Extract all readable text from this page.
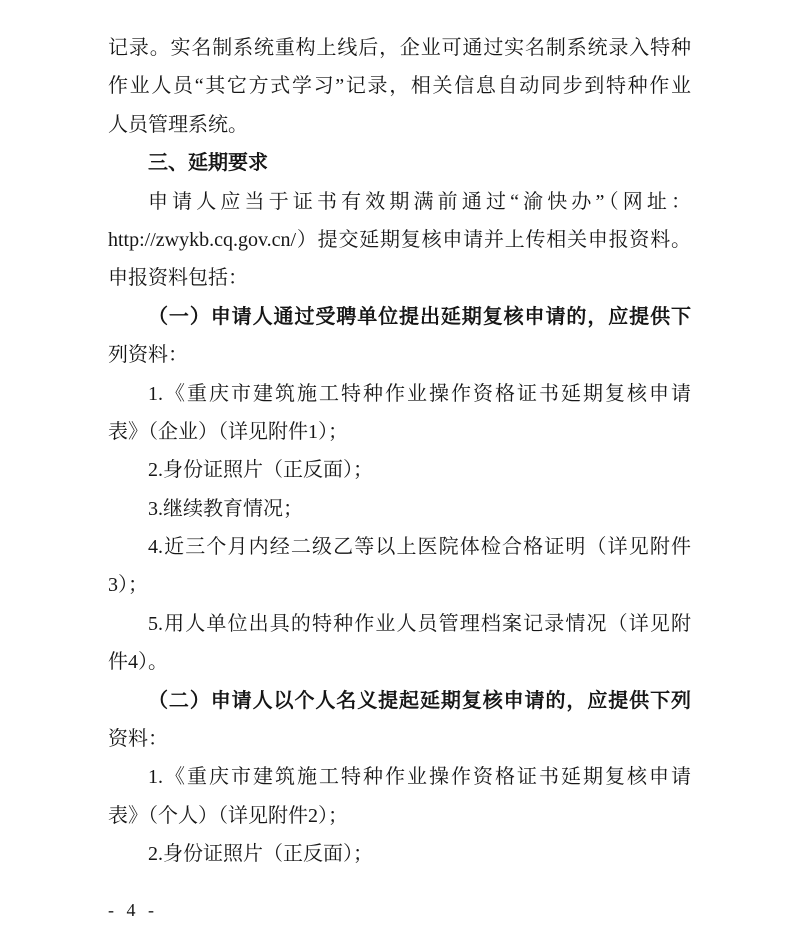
记录。实名制系统重构上线后，企业可通过实名制系统录入特种
作业人员“其它方式学习”记录，相关信息自动同步到特种作业
人员管理系统。
三、延期要求
申请人应当于证书有效期满前通过“渝快办”（网址：
http://zwykb.cq.gov.cn/）提交延期复核申请并上传相关申报资料。
申报资料包括：
（一）申请人通过受聘单位提出延期复核申请的，应提供下
列资料：
1.《重庆市建筑施工特种作业操作资格证书延期复核申请
表》（企业）（详见附件1）；
2.身份证照片（正反面）；
3.继续教育情况；
4.近三个月内经二级乙等以上医院体检合格证明（详见附件
3）；
5.用人单位出具的特种作业人员管理档案记录情况（详见附
件4）。
（二）申请人以个人名义提起延期复核申请的，应提供下列
资料：
1.《重庆市建筑施工特种作业操作资格证书延期复核申请
表》（个人）（详见附件2）；
2.身份证照片（正反面）；
- 4 -
